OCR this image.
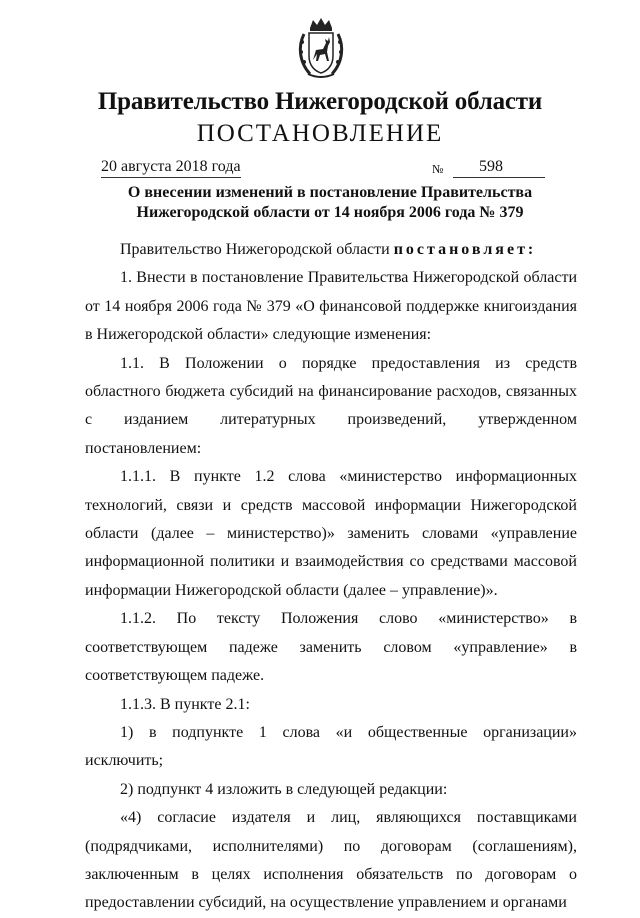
Правительство Нижегородской области
ПОСТАНОВЛЕНИЕ
20 августа 2018 года	№	598
О внесении изменений в постановление Правительства
Нижегородской области от 14 ноября 2006 года № 379

Правительство Нижегородской области постановляет:

1. Внести в постановление Правительства Нижегородской области от 14 ноября 2006 года № 379 «О финансовой поддержке книгоиздания в Нижегородской области» следующие изменения:

1.1. В Положении о порядке предоставления из средств областного бюджета субсидий на финансирование расходов, связанных с изданием литературных произведений, утвержденном постановлением:

1.1.1. В пункте 1.2 слова «министерство информационных технологий, связи и средств массовой информации Нижегородской области (далее – министерство)» заменить словами «управление информационной политики и взаимодействия со средствами массовой информации Нижегородской области (далее – управление)».

1.1.2. По тексту Положения слово «министерство» в соответствующем падеже заменить словом «управление» в соответствующем падеже.

1.1.3. В пункте 2.1:

1) в подпункте 1 слова «и общественные организации» исключить;

2) подпункт 4 изложить в следующей редакции:

«4) согласие издателя и лиц, являющихся поставщиками (подрядчиками, исполнителями) по договорам (соглашениям), заключенным в целях исполнения обязательств по договорам о предоставлении субсидий, на осуществление управлением и органами
